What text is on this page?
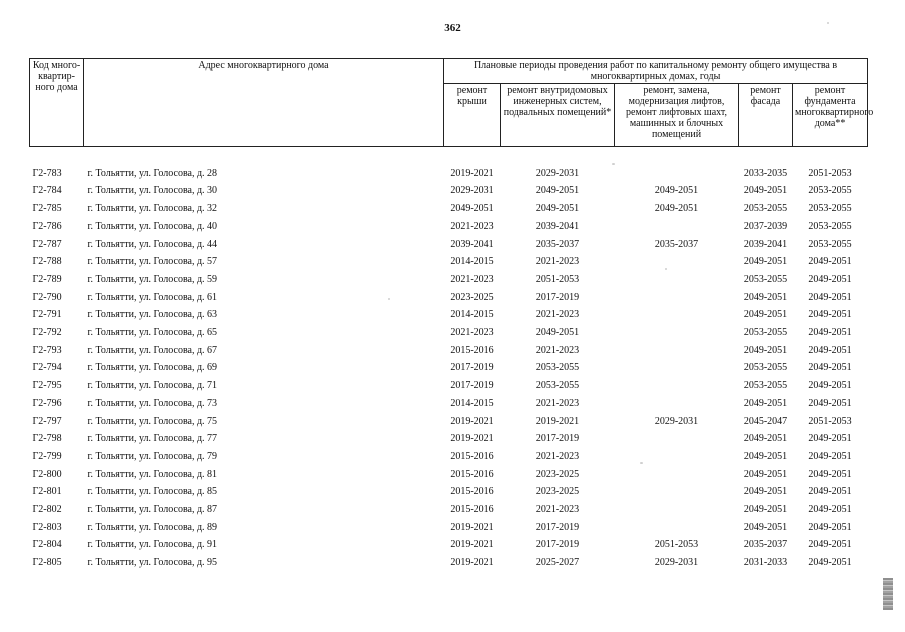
362
Код много-квартир-ного дома	Адрес многоквартирного дома	Плановые периоды проведения работ по капитальному ремонту общего имущества в многоквартирных домах, годы				
		ремонт крыши	ремонт внутридомовых инженерных систем, подвальных помещений*	ремонт, замена, модернизация лифтов, ремонт лифтовых шахт, машинных и блочных помещений	ремонт фасада	ремонт фундамента многоквартирного дома**

Г2-783	г. Тольятти, ул. Голосова, д. 28	2019-2021	2029-2031		2033-2035	2051-2053
Г2-784	г. Тольятти, ул. Голосова, д. 30	2029-2031	2049-2051	2049-2051	2049-2051	2053-2055
Г2-785	г. Тольятти, ул. Голосова, д. 32	2049-2051	2049-2051	2049-2051	2053-2055	2053-2055
Г2-786	г. Тольятти, ул. Голосова, д. 40	2021-2023	2039-2041		2037-2039	2053-2055
Г2-787	г. Тольятти, ул. Голосова, д. 44	2039-2041	2035-2037	2035-2037	2039-2041	2053-2055
Г2-788	г. Тольятти, ул. Голосова, д. 57	2014-2015	2021-2023		2049-2051	2049-2051
Г2-789	г. Тольятти, ул. Голосова, д. 59	2021-2023	2051-2053		2053-2055	2049-2051
Г2-790	г. Тольятти, ул. Голосова, д. 61	2023-2025	2017-2019		2049-2051	2049-2051
Г2-791	г. Тольятти, ул. Голосова, д. 63	2014-2015	2021-2023		2049-2051	2049-2051
Г2-792	г. Тольятти, ул. Голосова, д. 65	2021-2023	2049-2051		2053-2055	2049-2051
Г2-793	г. Тольятти, ул. Голосова, д. 67	2015-2016	2021-2023		2049-2051	2049-2051
Г2-794	г. Тольятти, ул. Голосова, д. 69	2017-2019	2053-2055		2053-2055	2049-2051
Г2-795	г. Тольятти, ул. Голосова, д. 71	2017-2019	2053-2055		2053-2055	2049-2051
Г2-796	г. Тольятти, ул. Голосова, д. 73	2014-2015	2021-2023		2049-2051	2049-2051
Г2-797	г. Тольятти, ул. Голосова, д. 75	2019-2021	2019-2021	2029-2031	2045-2047	2051-2053
Г2-798	г. Тольятти, ул. Голосова, д. 77	2019-2021	2017-2019		2049-2051	2049-2051
Г2-799	г. Тольятти, ул. Голосова, д. 79	2015-2016	2021-2023		2049-2051	2049-2051
Г2-800	г. Тольятти, ул. Голосова, д. 81	2015-2016	2023-2025		2049-2051	2049-2051
Г2-801	г. Тольятти, ул. Голосова, д. 85	2015-2016	2023-2025		2049-2051	2049-2051
Г2-802	г. Тольятти, ул. Голосова, д. 87	2015-2016	2021-2023		2049-2051	2049-2051
Г2-803	г. Тольятти, ул. Голосова, д. 89	2019-2021	2017-2019		2049-2051	2049-2051
Г2-804	г. Тольятти, ул. Голосова, д. 91	2019-2021	2017-2019	2051-2053	2035-2037	2049-2051
Г2-805	г. Тольятти, ул. Голосова, д. 95	2019-2021	2025-2027	2029-2031	2031-2033	2049-2051
